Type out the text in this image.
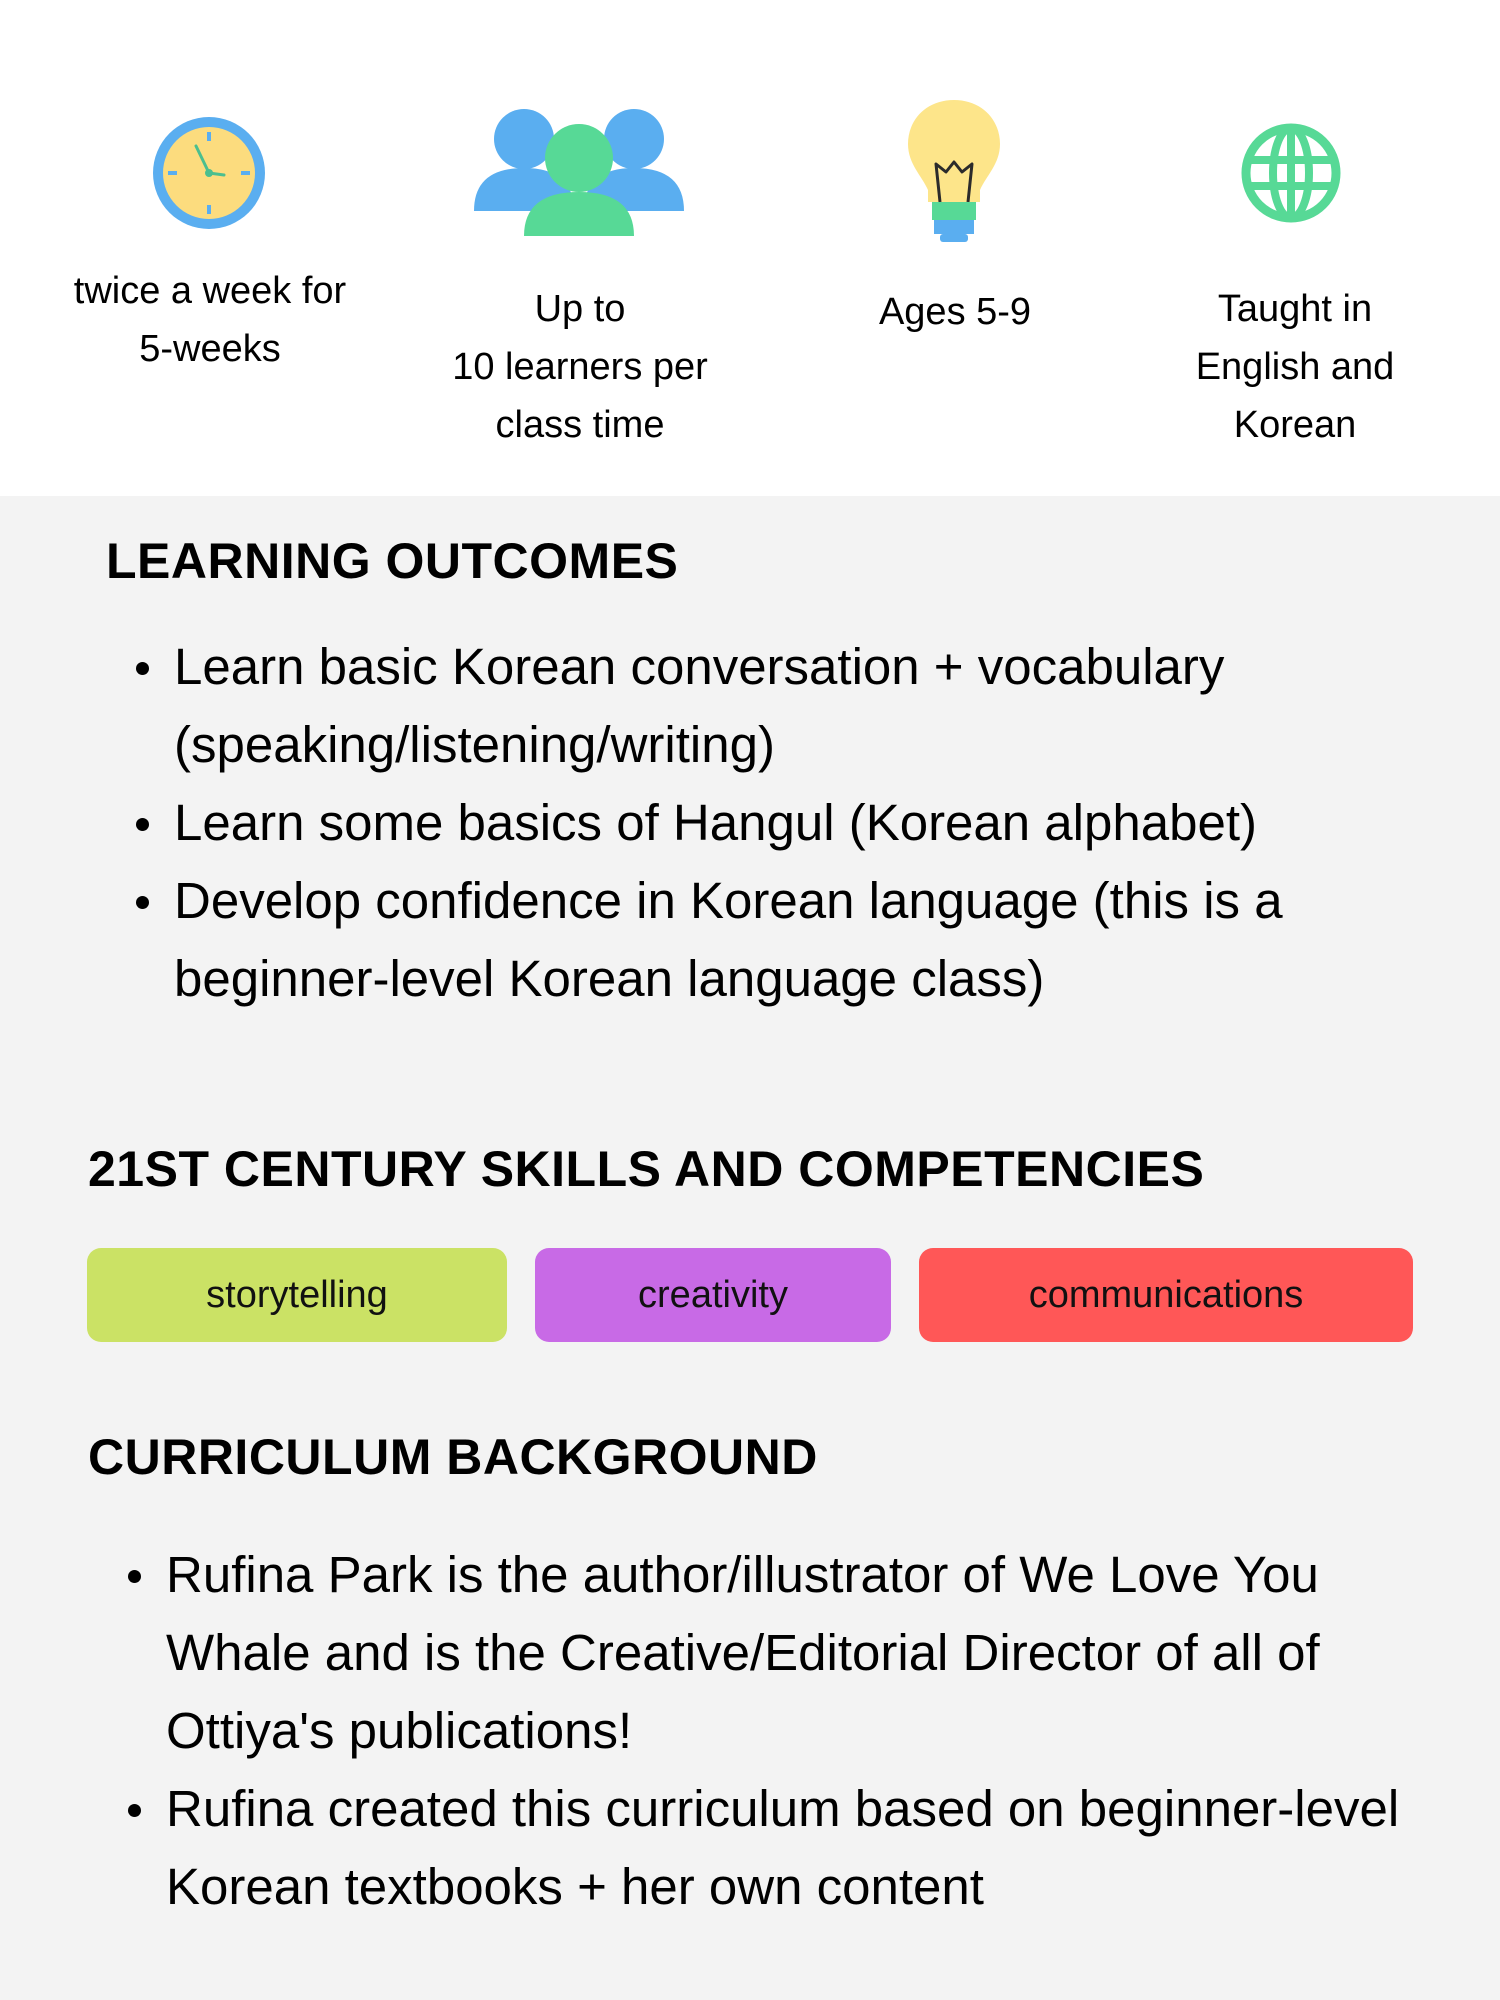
twice a week for
5-weeks
Up to
10 learners per
class time
Ages 5-9	Taught in
English and
Korean
LEARNING OUTCOMES
Learn basic Korean conversation + vocabulary (speaking/listening/writing)
Learn some basics of Hangul (Korean alphabet)
Develop confidence in Korean language (this is a beginner-level Korean language class)
21ST CENTURY SKILLS AND COMPETENCIES
storytelling	creativity	communications
CURRICULUM BACKGROUND
Rufina Park is the author/illustrator of We Love You Whale and is the Creative/Editorial Director of all of Ottiya's publications!
Rufina created this curriculum based on beginner-level Korean textbooks + her own content
